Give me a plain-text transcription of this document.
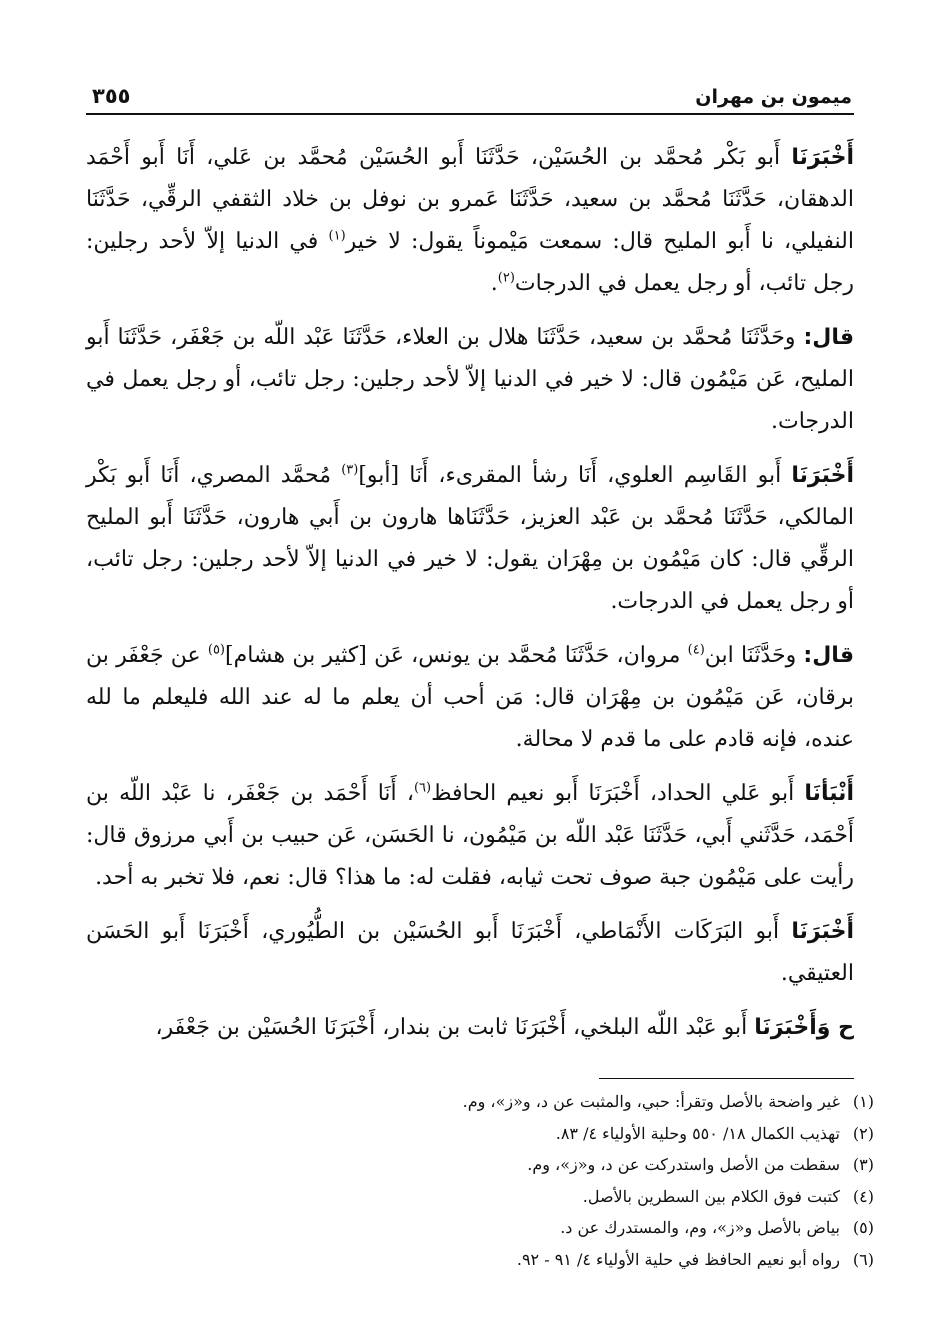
ميمون بن مهران
٣٥٥

أَخْبَرَنَا أَبو بَكْر مُحمَّد بن الحُسَيْن، حَدَّثَنَا أَبو الحُسَيْن مُحمَّد بن عَلي، أَنَا أَبو أَحْمَد الدهقان، حَدَّثَنَا مُحمَّد بن سعيد، حَدَّثَنَا عَمرو بن نوفل بن خلاد الثقفي الرقِّي، حَدَّثَنَا النفيلي، نا أَبو المليح قال: سمعت مَيْموناً يقول: لا خير$^{(١)}$ في الدنيا إلاّ لأحد رجلين: رجل تائب، أو رجل يعمل في الدرجات$^{(٢)}$.

قال: وحَدَّثَنَا مُحمَّد بن سعيد، حَدَّثَنَا هلال بن العلاء، حَدَّثَنَا عَبْد اللّه بن جَعْفَر، حَدَّثَنَا أَبو المليح، عَن مَيْمُون قال: لا خير في الدنيا إلاّ لأحد رجلين: رجل تائب، أو رجل يعمل في الدرجات.

أَخْبَرَنَا أَبو القَاسِم العلوي، أَنَا رشأ المقرىء، أَنَا [أبو]$^{(٣)}$ مُحمَّد المصري، أَنَا أَبو بَكْر المالكي، حَدَّثَنَا مُحمَّد بن عَبْد العزيز، حَدَّثَنَاها هارون بن أَبي هارون، حَدَّثَنَا أَبو المليح الرقِّي قال: كان مَيْمُون بن مِهْرَان يقول: لا خير في الدنيا إلاّ لأحد رجلين: رجل تائب، أو رجل يعمل في الدرجات.

قال: وحَدَّثَنَا ابن$^{(٤)}$ مروان، حَدَّثَنَا مُحمَّد بن يونس، عَن [كثير بن هشام]$^{(٥)}$ عن جَعْفَر بن برقان، عَن مَيْمُون بن مِهْرَان قال: مَن أحب أن يعلم ما له عند الله فليعلم ما لله عنده، فإنه قادم على ما قدم لا محالة.

أَنْبَأنَا أَبو عَلي الحداد، أَخْبَرَنَا أَبو نعيم الحافظ$^{(٦)}$، أَنَا أَحْمَد بن جَعْفَر، نا عَبْد اللّه بن أَحْمَد، حَدَّثَني أَبي، حَدَّثَنَا عَبْد اللّه بن مَيْمُون، نا الحَسَن، عَن حبيب بن أَبي مرزوق قال: رأيت على مَيْمُون جبة صوف تحت ثيابه، فقلت له: ما هذا؟ قال: نعم، فلا تخبر به أحد.

أَخْبَرَنَا أَبو البَرَكَات الأَنْمَاطي، أَخْبَرَنَا أَبو الحُسَيْن بن الطُّيُوري، أَخْبَرَنَا أَبو الحَسَن العتيقي.

ح وَأَخْبَرَنَا أَبو عَبْد اللّه البلخي، أَخْبَرَنَا ثابت بن بندار، أَخْبَرَنَا الحُسَيْن بن جَعْفَر،

(١)
غير واضحة بالأصل وتقرأ: حبي، والمثبت عن د، و«ز»، وم.
(٢)
تهذيب الكمال ١٨/ ٥٥٠ وحلية الأولياء ٤/ ٨٣.
(٣)
سقطت من الأصل واستدركت عن د، و«ز»، وم.
(٤)
كتبت فوق الكلام بين السطرين بالأصل.
(٥)
بياض بالأصل و«ز»، وم، والمستدرك عن د.
(٦)
رواه أبو نعيم الحافظ في حلية الأولياء ٤/ ٩١ - ٩٢.
